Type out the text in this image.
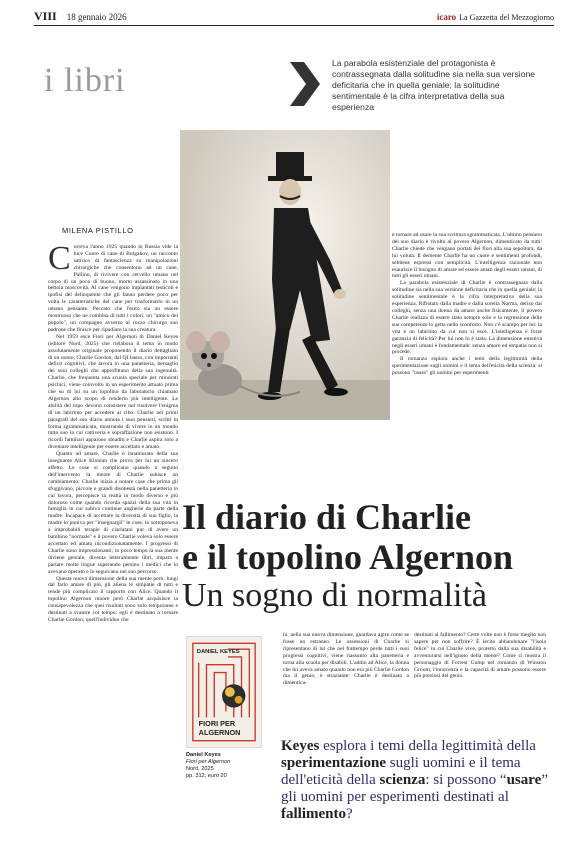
VIII 18 gennaio 2026	icaro La Gazzetta del Mezzogiorno
i libri	La parabola esistenziale del protagonista è contrassegnata dalla solitudine sia nella sua versione deficitaria che in quella geniale; la solitudine sentimentale è la cifra interpretativa della sua esperienza
MILENA PISTILLO

Correva l'anno 1925 quando in Russia vide la luce Cuore di cane di Bulgakov, un racconto satirico di fantascienza su manipolazioni chirurgiche che consentono ad un cane, Pallino, di rivivere con cervello umano nel corpo di un poco di buono, morto assassinato in una bettola moscovita. Al cane vengono impiantati testicoli e ipofisi del delinquente che gli fanno perdere poco per volta le caratteristiche del cane per trasformarlo in un umano pensante. Peccato che l'esito sia un essere mostruoso che ne combina di tutti i colori, un "amico del popolo", un compagno avverso al rozzo chirurgo suo padrone che finisce per ripudiare la sua creatura.

Nel 1959 esce Fiori per Algernon di Daniel Keyes (editore Nord, 2025) che rielabora il tema in modo assolutamente originale proponendo il diario dettagliato di un uomo, Charlie Gordon, dal QI basso, con importanti deficit cognitivi, che lavora in una panetteria, bersaglio dei suoi colleghi che approfittano della sua ingenuità. Charlie, che frequenta una scuola speciale per minorati psichici, viene coinvolto in un esperimento attuato prima che su di lui su un topolino da laboratorio chiamato Algernon allo scopo di renderlo più intelligente. Le abilità del topo devono consistere nel risolvere l'enigma di un labirinto per accedere al cibo. Charlie nei primi paragrafi del suo diario annota i suoi pensieri, scritti in forma sgrammaticata, mostrando di vivere in un mondo tutto suo in cui cattiveria e sopraffazione non esistono. I ricordi familiari appaiono sbiaditi e Charlie aspira solo a diventare intelligente per essere accettato e amato.

Quanto ad amare, Charlie è innamorato della sua insegnante Alice Kinnian che prova per lui un sincero affetto. Le cose si complicano quando a seguito dell'intervento la mente di Charlie subisce un cambiamento; Charlie inizia a notare cose che prima gli sfuggivano, piccole e grandi disonestà nella panetteria in cui lavora, percepisce la realtà in modo diverso e più doloroso come quando ricorda spazzi della sua vita in famiglia in cui subiva continue angherie da parte della madre. Incapace di accettare la diversità di suo figlio, la madre lo puniva per "insegnargli" le cose, lo sottoponeva a improbabili terapie di ciarlatani pur di avere un bambino "normale" e il povero Charlie voleva solo essere accettato ed amato incondizionatamente. I progressi di Charlie sono impressionanti; in poco tempo la sua mente diviene geniale, diventa letteralmente libri, impara a parlare molte lingue superando persino i medici che lo avevano operato e lo seguivano nel suo percorso.

Questa nuova dimensione della sua mente però, lungi dal farlo amare di più, gli aliena le simpatie di tutti e rende più complicato il rapporto con Alice. Quando il topolino Algernon muore però Charlie acquisisce la consapevolezza che quei risultati sono solo temporanei e destinati a svanire col tempo: egli è destinato a tornare Charlie Gordon, quell'individuo che

e tornare ad usare la sua scrittura sgrammaticata. L'ultimo pensiero del suo diario è rivolto al povero Algernon, dimenticato da tutti: Charlie chiede che vengano portati dei fiori alla sua sepoltura, da lui voluta. Il demente Charlie ha un cuore e sentimenti profondi, sebbene espressi con semplicità. L'intelligenza razionale non esaurisce il bisogno di amare ed essere amati degli esseri umani, di tutti gli esseri umani.

La parabola esistenziale di Charlie è contrassegnata dalla solitudine sia nella sua versione deficitaria che in quella geniale; la solitudine sentimentale è la cifra interpretativa della sua esperienza. Rifiutato dalla madre e dalla sorella Norma, deriso dai colleghi, senza una donna da amare anche fisicamente, il povero Charlie realizza di essere stato sempre solo e la regressione delle sue competenze lo getta nello sconforto. Non c'è scampo per lui: la vita è un labirinto da cui non si esce. L'intelligenza è forse garanzia di felicità? Per lui non lo è stata. La dimensione emotiva negli esseri umani è fondamentale: senza amore ed empatia non si procede.

Il romanzo esplora anche i temi della legittimità della sperimentazione sugli uomini e il tema dell'eticità della scienza: si possono "usare" gli uomini per esperimenti

Il diario di Charlie
e il topolino Algernon
Un sogno di normalità
DANIEL KEYES
FIORI PER
ALGERNON
Daniel Keyes
Fiori per Algernon
Nord, 2025
pp. 312, euro 20

hi, nella sua nuova dimensione, guardava agire come se fosse un estraneo. Le ossessioni di Charlie si ripresentano di lui che nel frattempo perde tutti i suoi progressi cognitivi, viene riassunto alla panetteria e torna alla scuola per disabili. L'addio ad Alice, la donna che lui aveva amato quando non era più Charlie Gordon ma il genio, è straziante: Charlie è destinato a dimentica-

destinati al fallimento? Certe volte non è forse meglio non sapere per non soffrire? È lecito abbandonare "l'isola felice" in cui Charlie vive, protetto dalla sua disabilità e avventurarsi nell'ignoto della mente? Come ci mostra il personaggio di Forrest Gump nel romanzo di Winston Groom, l'innocenza e la capacità di amare possono essere più preziosi del genio.

Keyes esplora i temi della legittimità della sperimentazione sugli uomini e il tema dell'eticità della scienza: si possono “usare” gli uomini per esperimenti destinati al fallimento?
